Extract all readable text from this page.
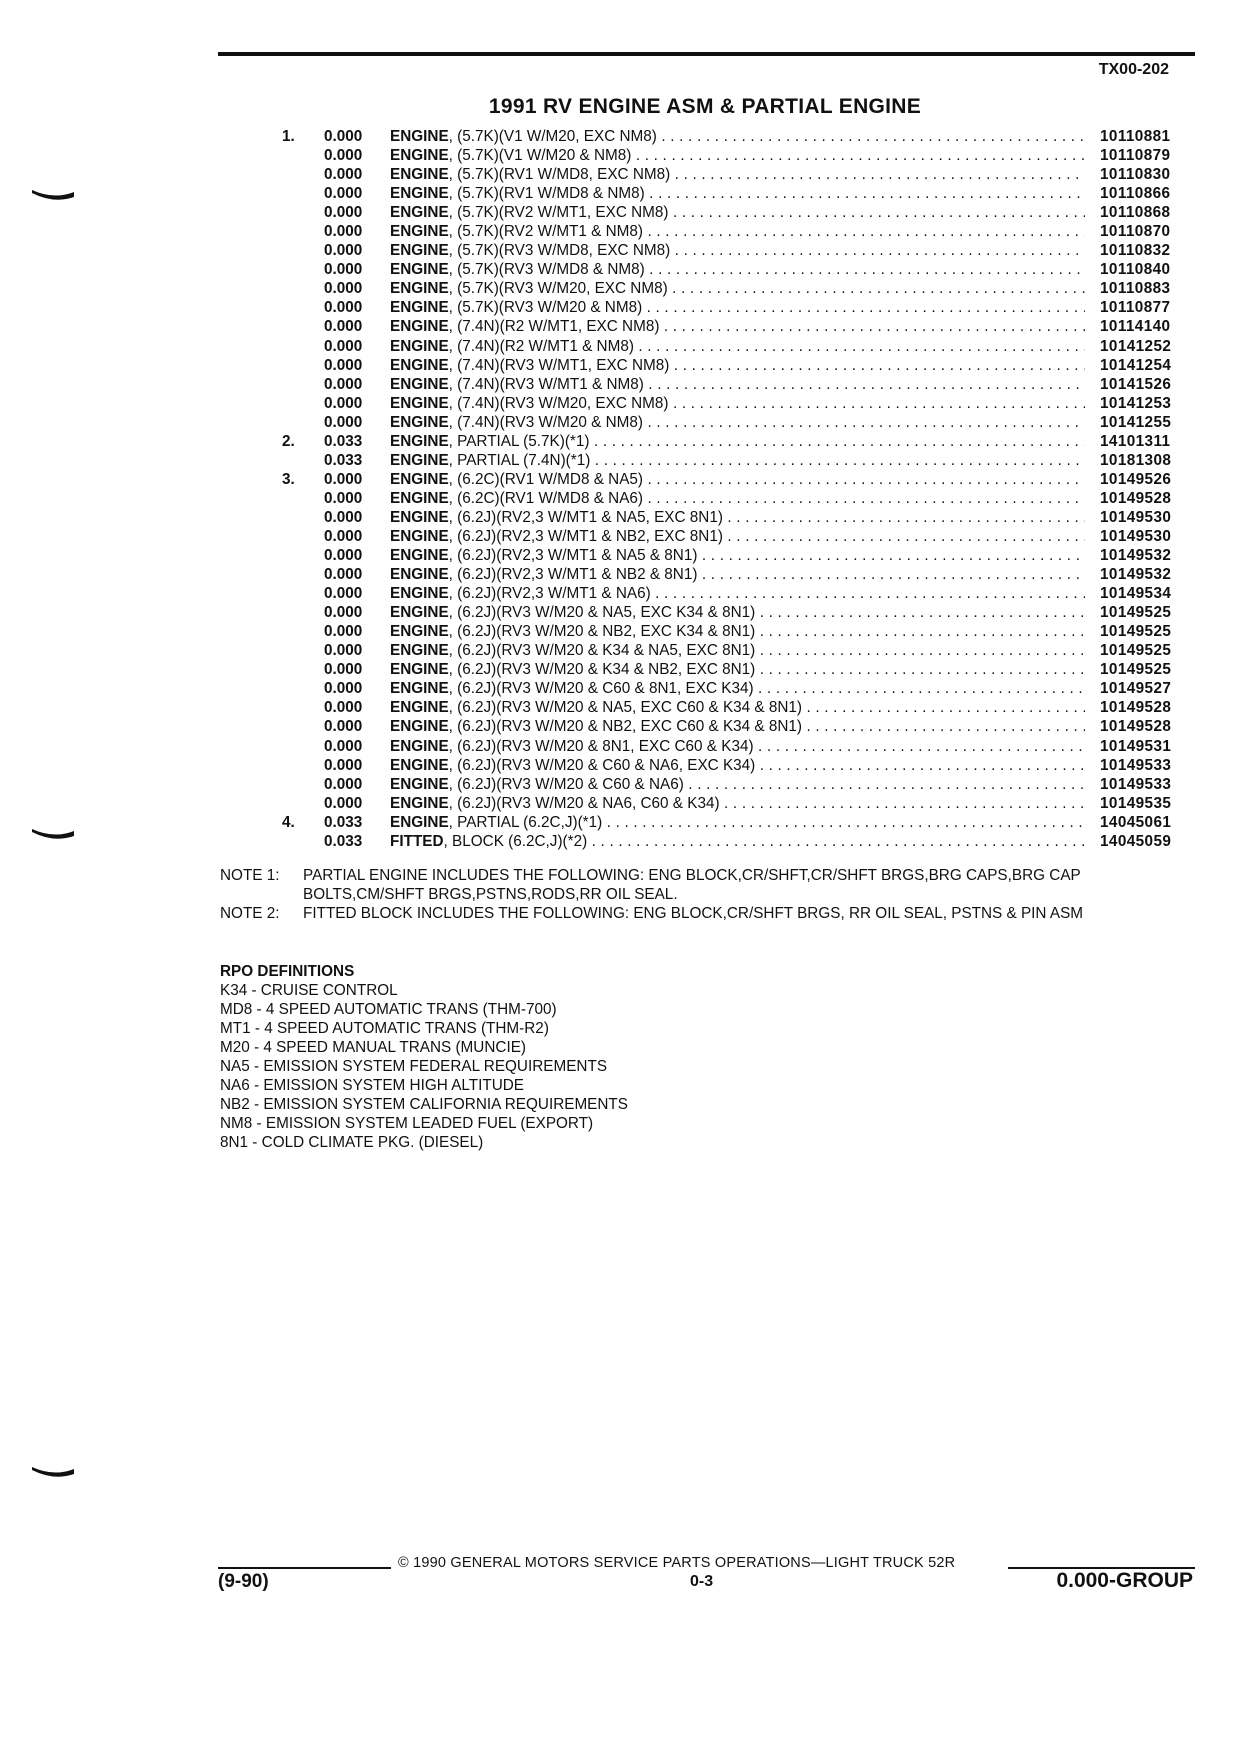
TX00-202
1991 RV ENGINE ASM & PARTIAL ENGINE
1. 0.000 ENGINE, (5.7K)(V1 W/M20, EXC NM8) . . .	10110881
0.000 ENGINE, (5.7K)(V1 W/M20 & NM8) . . .	10110879
0.000 ENGINE, (5.7K)(RV1 W/MD8, EXC NM8) . . .	10110830
0.000 ENGINE, (5.7K)(RV1 W/MD8 & NM8) . . .	10110866
0.000 ENGINE, (5.7K)(RV2 W/MT1, EXC NM8) . . .	10110868
0.000 ENGINE, (5.7K)(RV2 W/MT1 & NM8) . . .	10110870
0.000 ENGINE, (5.7K)(RV3 W/MD8, EXC NM8) . . .	10110832
0.000 ENGINE, (5.7K)(RV3 W/MD8 & NM8) . . .	10110840
0.000 ENGINE, (5.7K)(RV3 W/M20, EXC NM8) . . .	10110883
0.000 ENGINE, (5.7K)(RV3 W/M20 & NM8) . . .	10110877
0.000 ENGINE, (7.4N)(R2 W/MT1, EXC NM8) . . .	10114140
0.000 ENGINE, (7.4N)(R2 W/MT1 & NM8) . . .	10141252
0.000 ENGINE, (7.4N)(RV3 W/MT1, EXC NM8) . . .	10141254
0.000 ENGINE, (7.4N)(RV3 W/MT1 & NM8) . . .	10141526
0.000 ENGINE, (7.4N)(RV3 W/M20, EXC NM8) . . .	10141253
0.000 ENGINE, (7.4N)(RV3 W/M20 & NM8) . . .	10141255
2. 0.033 ENGINE, PARTIAL (5.7K)(*1) . . .	14101311
0.033 ENGINE, PARTIAL (7.4N)(*1) . . .	10181308
3. 0.000 ENGINE, (6.2C)(RV1 W/MD8 & NA5) . . .	10149526
0.000 ENGINE, (6.2C)(RV1 W/MD8 & NA6) . . .	10149528
0.000 ENGINE, (6.2J)(RV2,3 W/MT1 & NA5, EXC 8N1) . . .	10149530
0.000 ENGINE, (6.2J)(RV2,3 W/MT1 & NB2, EXC 8N1) . . .	10149530
0.000 ENGINE, (6.2J)(RV2,3 W/MT1 & NA5 & 8N1) . . .	10149532
0.000 ENGINE, (6.2J)(RV2,3 W/MT1 & NB2 & 8N1) . . .	10149532
0.000 ENGINE, (6.2J)(RV2,3 W/MT1 & NA6) . . .	10149534
0.000 ENGINE, (6.2J)(RV3 W/M20 & NA5, EXC K34 & 8N1) . . .	10149525
0.000 ENGINE, (6.2J)(RV3 W/M20 & NB2, EXC K34 & 8N1) . . .	10149525
0.000 ENGINE, (6.2J)(RV3 W/M20 & K34 & NA5, EXC 8N1) . . .	10149525
0.000 ENGINE, (6.2J)(RV3 W/M20 & K34 & NB2, EXC 8N1) . . .	10149525
0.000 ENGINE, (6.2J)(RV3 W/M20 & C60 & 8N1, EXC K34) . . .	10149527
0.000 ENGINE, (6.2J)(RV3 W/M20 & NA5, EXC C60 & K34 & 8N1) . . .	10149528
0.000 ENGINE, (6.2J)(RV3 W/M20 & NB2, EXC C60 & K34 & 8N1) . . .	10149528
0.000 ENGINE, (6.2J)(RV3 W/M20 & 8N1, EXC C60 & K34) . . .	10149531
0.000 ENGINE, (6.2J)(RV3 W/M20 & C60 & NA6, EXC K34) . . .	10149533
0.000 ENGINE, (6.2J)(RV3 W/M20 & C60 & NA6) . . .	10149533
0.000 ENGINE, (6.2J)(RV3 W/M20 & NA6, C60 & K34) . . .	10149535
4. 0.033 ENGINE, PARTIAL (6.2C,J)(*1) . . .	14045061
0.033 FITTED, BLOCK (6.2C,J)(*2) . . .	14045059
NOTE 1:	PARTIAL ENGINE INCLUDES THE FOLLOWING: ENG BLOCK,CR/SHFT,CR/SHFT BRGS,BRG CAPS,BRG CAP BOLTS,CM/SHFT BRGS,PSTNS,RODS,RR OIL SEAL.
NOTE 2:	FITTED BLOCK INCLUDES THE FOLLOWING: ENG BLOCK,CR/SHFT BRGS, RR OIL SEAL, PSTNS & PIN ASM
RPO DEFINITIONS
K34 - CRUISE CONTROL
MD8 - 4 SPEED AUTOMATIC TRANS (THM-700)
MT1 - 4 SPEED AUTOMATIC TRANS (THM-R2)
M20 - 4 SPEED MANUAL TRANS (MUNCIE)
NA5 - EMISSION SYSTEM FEDERAL REQUIREMENTS
NA6 - EMISSION SYSTEM HIGH ALTITUDE
NB2 - EMISSION SYSTEM CALIFORNIA REQUIREMENTS
NM8 - EMISSION SYSTEM LEADED FUEL (EXPORT)
8N1 - COLD CLIMATE PKG. (DIESEL)
© 1990 GENERAL MOTORS SERVICE PARTS OPERATIONS—LIGHT TRUCK 52R
(9-90)	0-3	0.000-GROUP
